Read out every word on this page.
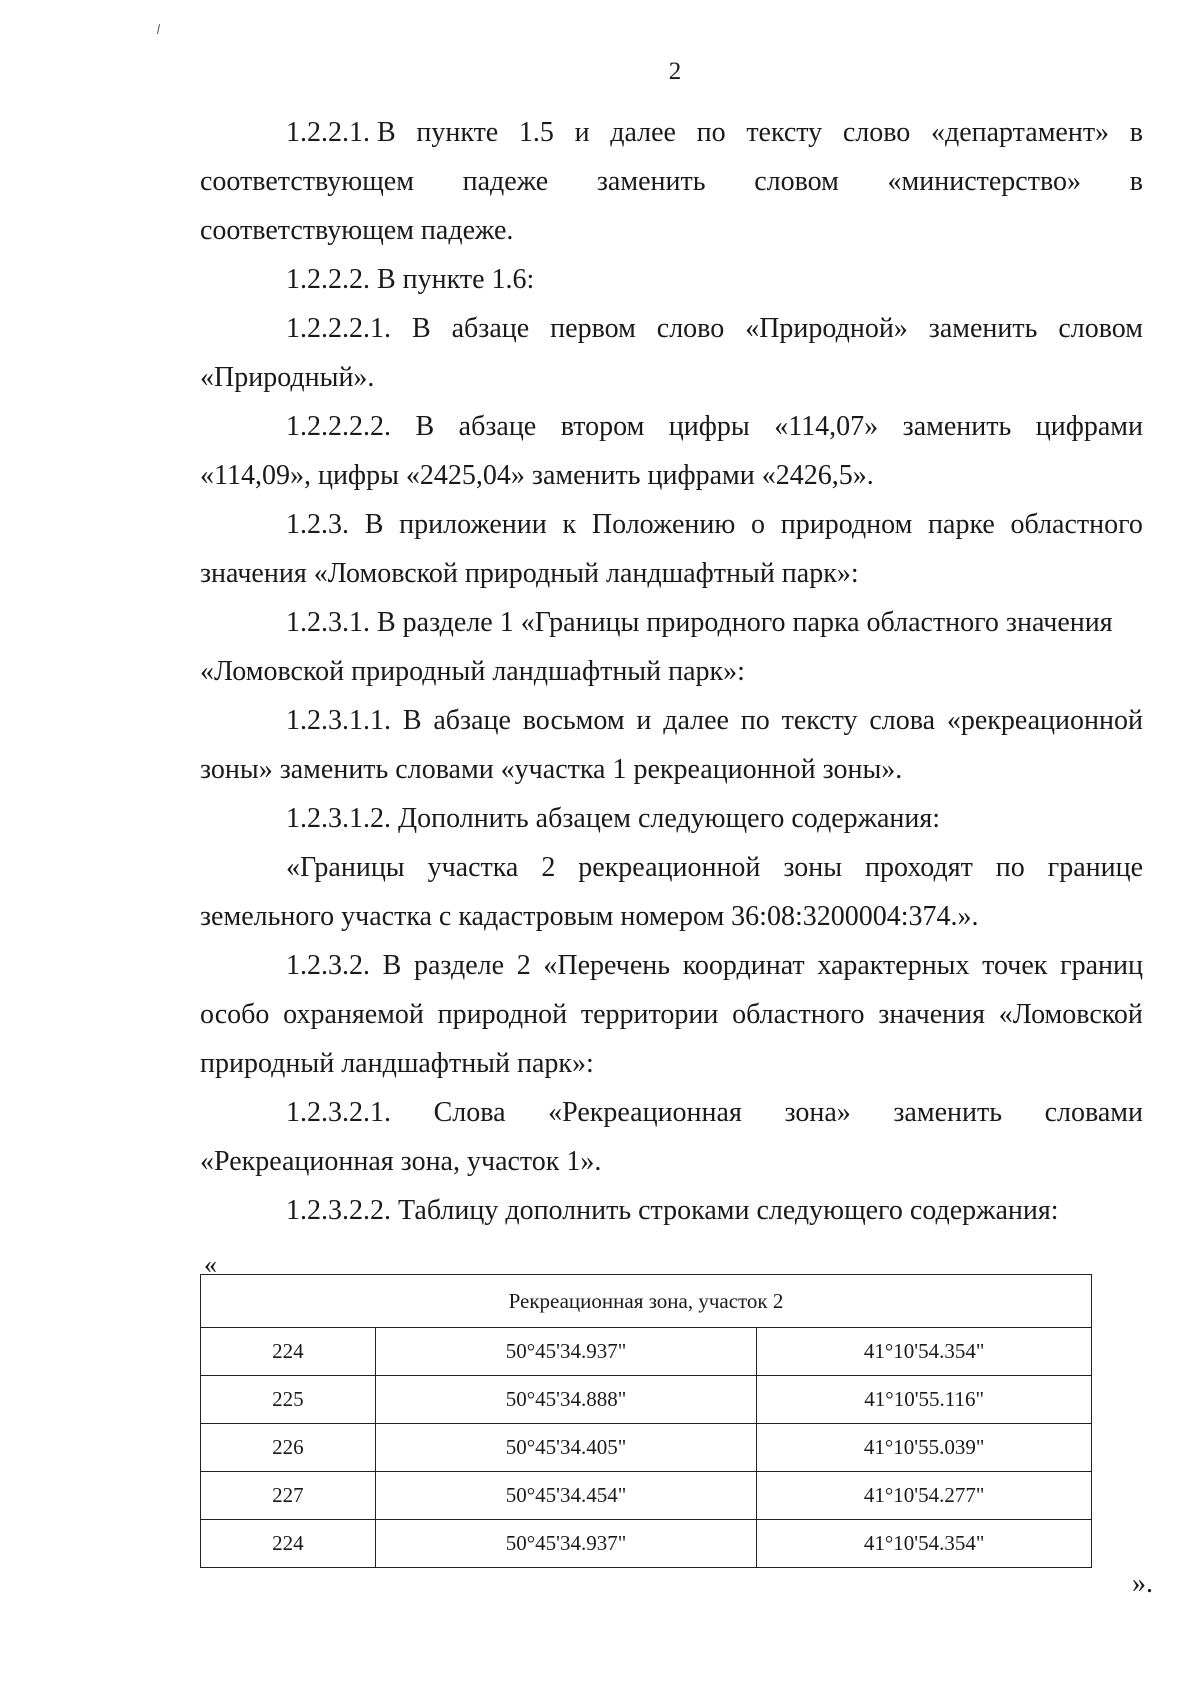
2
1.2.2.1. В пункте 1.5 и далее по тексту слово «департамент» в
соответствующем падеже заменить словом «министерство» в
соответствующем падеже.
1.2.2.2. В пункте 1.6:
1.2.2.2.1. В абзаце первом слово «Природной» заменить словом
«Природный».
1.2.2.2.2. В абзаце втором цифры «114,07» заменить цифрами
«114,09», цифры «2425,04» заменить цифрами «2426,5».
1.2.3. В приложении к Положению о природном парке областного
значения «Ломовской природный ландшафтный парк»:
1.2.3.1. В разделе 1 «Границы природного парка областного значения
«Ломовской природный ландшафтный парк»:
1.2.3.1.1. В абзаце восьмом и далее по тексту слова «рекреационной
зоны» заменить словами «участка 1 рекреационной зоны».
1.2.3.1.2. Дополнить абзацем следующего содержания:
«Границы участка 2 рекреационной зоны проходят по границе
земельного участка с кадастровым номером 36:08:3200004:374.».
1.2.3.2. В разделе 2 «Перечень координат характерных точек границ
особо охраняемой природной территории областного значения «Ломовской
природный ландшафтный парк»:
1.2.3.2.1. Слова «Рекреационная зона» заменить словами
«Рекреационная зона, участок 1».
1.2.3.2.2. Таблицу дополнить строками следующего содержания:
«
Рекреационная зона, участок 2		
224	50°45'34.937"	41°10'54.354"
225	50°45'34.888"	41°10'55.116"
226	50°45'34.405"	41°10'55.039"
227	50°45'34.454"	41°10'54.277"
224	50°45'34.937"	41°10'54.354"
».
